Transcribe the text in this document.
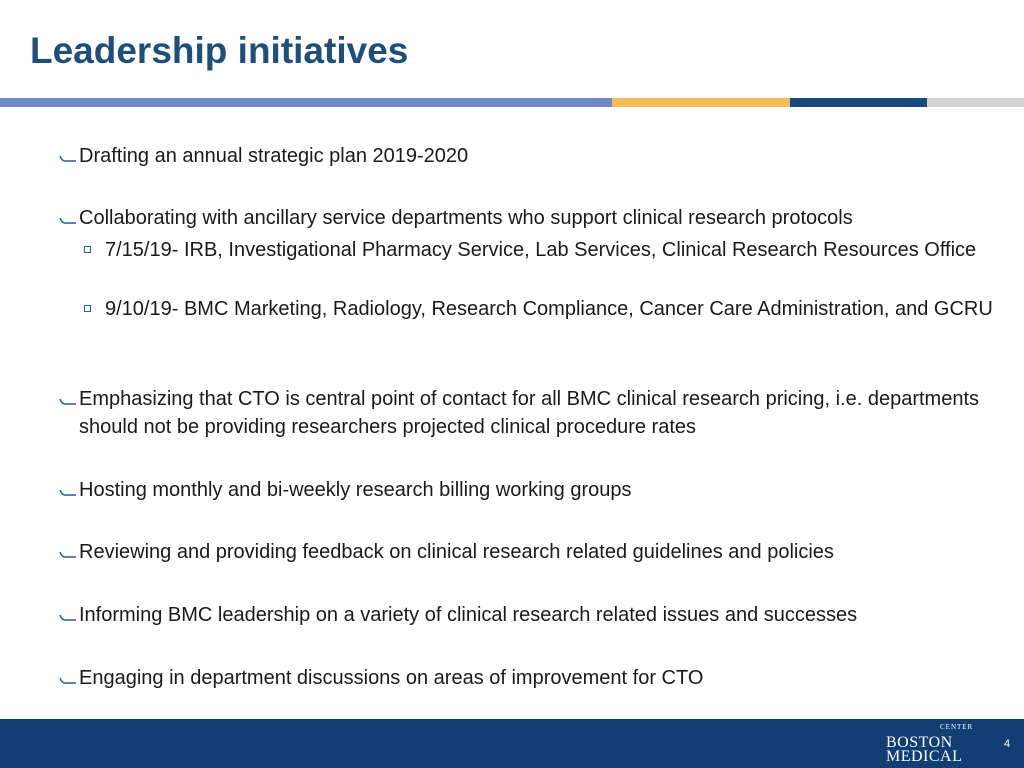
Leadership initiatives
Drafting an annual strategic plan 2019-2020
Collaborating with ancillary service departments who support clinical research protocols
7/15/19- IRB, Investigational Pharmacy Service, Lab Services, Clinical Research Resources Office
9/10/19- BMC Marketing, Radiology, Research Compliance, Cancer Care Administration, and GCRU
Emphasizing that CTO is central point of contact for all BMC clinical research pricing, i.e. departments should not be providing researchers projected clinical procedure rates
Hosting monthly and bi-weekly research billing working groups
Reviewing and providing feedback on clinical research related guidelines and policies
Informing BMC leadership on a variety of clinical research related issues and successes
Engaging in department discussions on areas of improvement for CTO
CENTER
BOSTON
MEDICAL
4
